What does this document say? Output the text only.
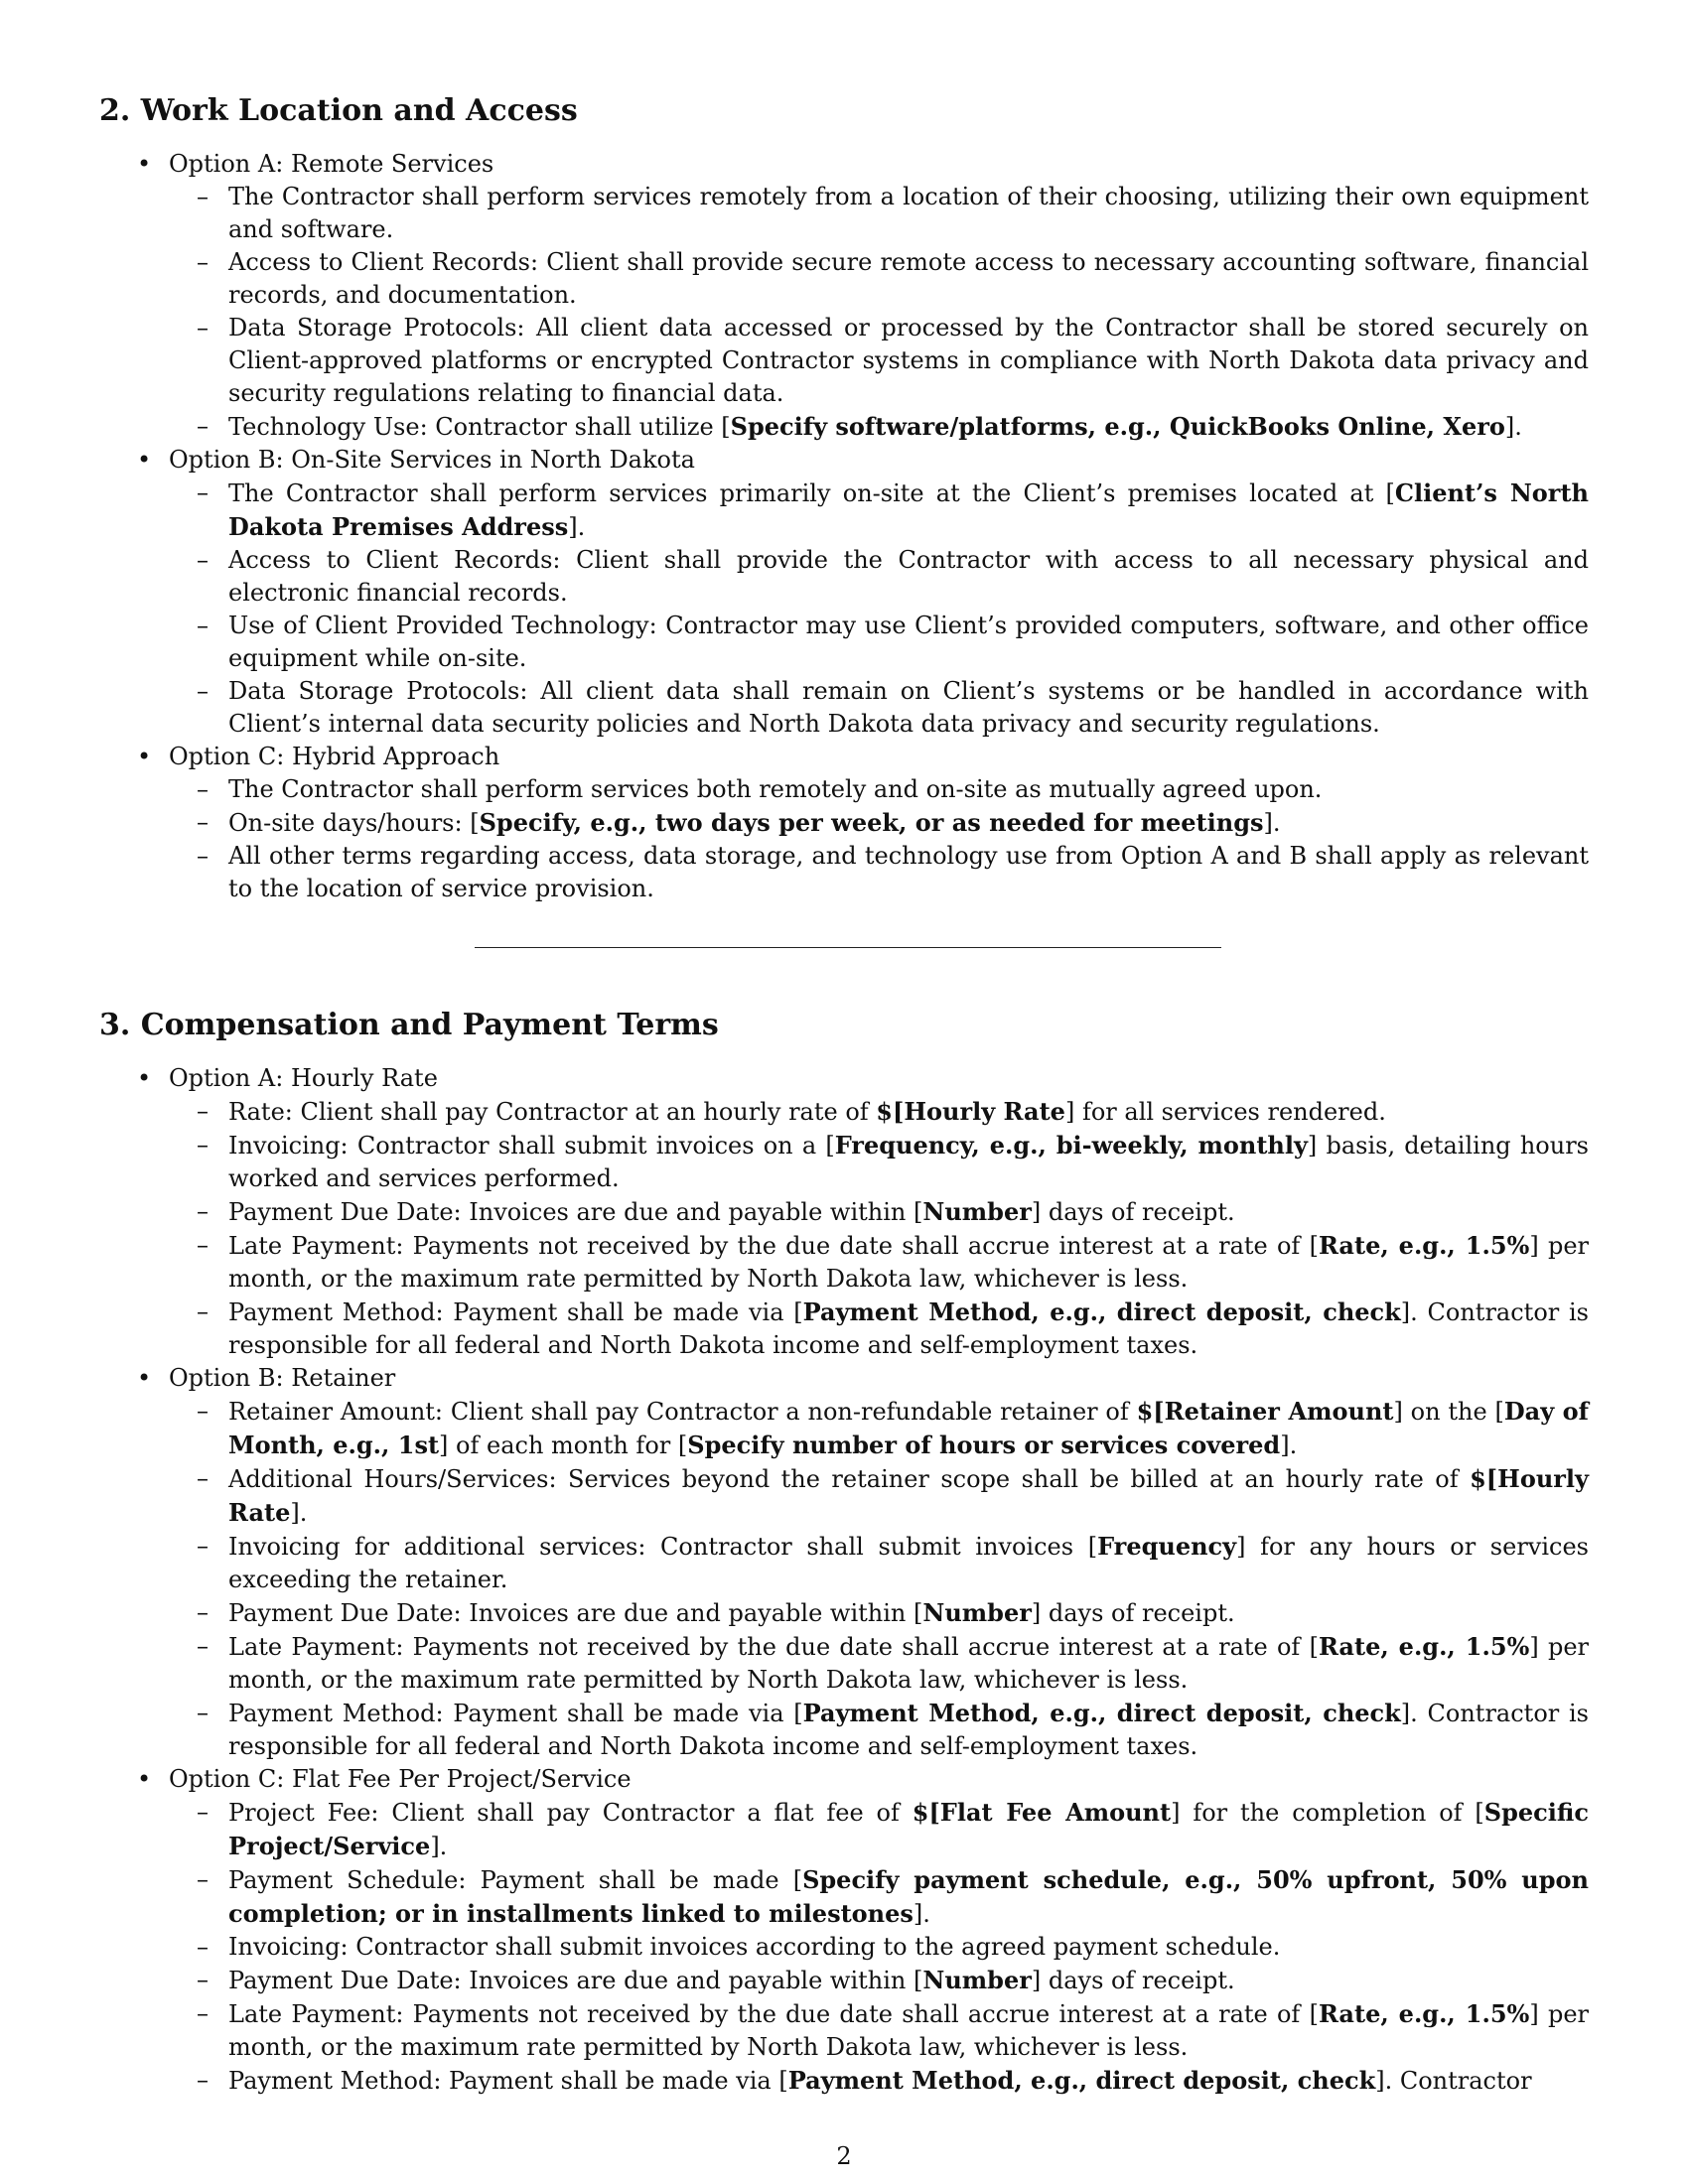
2. Work Location and Access
• Option A: Remote Services
– The Contractor shall perform services remotely from a location of their choosing, utilizing their own equipment and software.
– Access to Client Records: Client shall provide secure remote access to necessary accounting software, financial records, and documentation.
– Data Storage Protocols: All client data accessed or processed by the Contractor shall be stored securely on Client-approved platforms or encrypted Contractor systems in compliance with North Dakota data privacy and security regulations relating to financial data.
– Technology Use: Contractor shall utilize [Specify software/platforms, e.g., QuickBooks Online, Xero].
• Option B: On-Site Services in North Dakota
– The Contractor shall perform services primarily on-site at the Client’s premises located at [Client’s North Dakota Premises Address].
– Access to Client Records: Client shall provide the Contractor with access to all necessary physical and electronic financial records.
– Use of Client Provided Technology: Contractor may use Client’s provided computers, software, and other office equipment while on-site.
– Data Storage Protocols: All client data shall remain on Client’s systems or be handled in accordance with Client’s internal data security policies and North Dakota data privacy and security regulations.
• Option C: Hybrid Approach
– The Contractor shall perform services both remotely and on-site as mutually agreed upon.
– On-site days/hours: [Specify, e.g., two days per week, or as needed for meetings].
– All other terms regarding access, data storage, and technology use from Option A and B shall apply as relevant to the location of service provision.
3. Compensation and Payment Terms
• Option A: Hourly Rate
– Rate: Client shall pay Contractor at an hourly rate of $[Hourly Rate] for all services rendered.
– Invoicing: Contractor shall submit invoices on a [Frequency, e.g., bi-weekly, monthly] basis, detailing hours worked and services performed.
– Payment Due Date: Invoices are due and payable within [Number] days of receipt.
– Late Payment: Payments not received by the due date shall accrue interest at a rate of [Rate, e.g., 1.5%] per month, or the maximum rate permitted by North Dakota law, whichever is less.
– Payment Method: Payment shall be made via [Payment Method, e.g., direct deposit, check]. Contractor is responsible for all federal and North Dakota income and self-employment taxes.
• Option B: Retainer
– Retainer Amount: Client shall pay Contractor a non-refundable retainer of $[Retainer Amount] on the [Day of Month, e.g., 1st] of each month for [Specify number of hours or services covered].
– Additional Hours/Services: Services beyond the retainer scope shall be billed at an hourly rate of $[Hourly Rate].
– Invoicing for additional services: Contractor shall submit invoices [Frequency] for any hours or services exceeding the retainer.
– Payment Due Date: Invoices are due and payable within [Number] days of receipt.
– Late Payment: Payments not received by the due date shall accrue interest at a rate of [Rate, e.g., 1.5%] per month, or the maximum rate permitted by North Dakota law, whichever is less.
– Payment Method: Payment shall be made via [Payment Method, e.g., direct deposit, check]. Contractor is responsible for all federal and North Dakota income and self-employment taxes.
• Option C: Flat Fee Per Project/Service
– Project Fee: Client shall pay Contractor a flat fee of $[Flat Fee Amount] for the completion of [Specific Project/Service].
– Payment Schedule: Payment shall be made [Specify payment schedule, e.g., 50% upfront, 50% upon completion; or in installments linked to milestones].
– Invoicing: Contractor shall submit invoices according to the agreed payment schedule.
– Payment Due Date: Invoices are due and payable within [Number] days of receipt.
– Late Payment: Payments not received by the due date shall accrue interest at a rate of [Rate, e.g., 1.5%] per month, or the maximum rate permitted by North Dakota law, whichever is less.
– Payment Method: Payment shall be made via [Payment Method, e.g., direct deposit, check]. Contractor
2
